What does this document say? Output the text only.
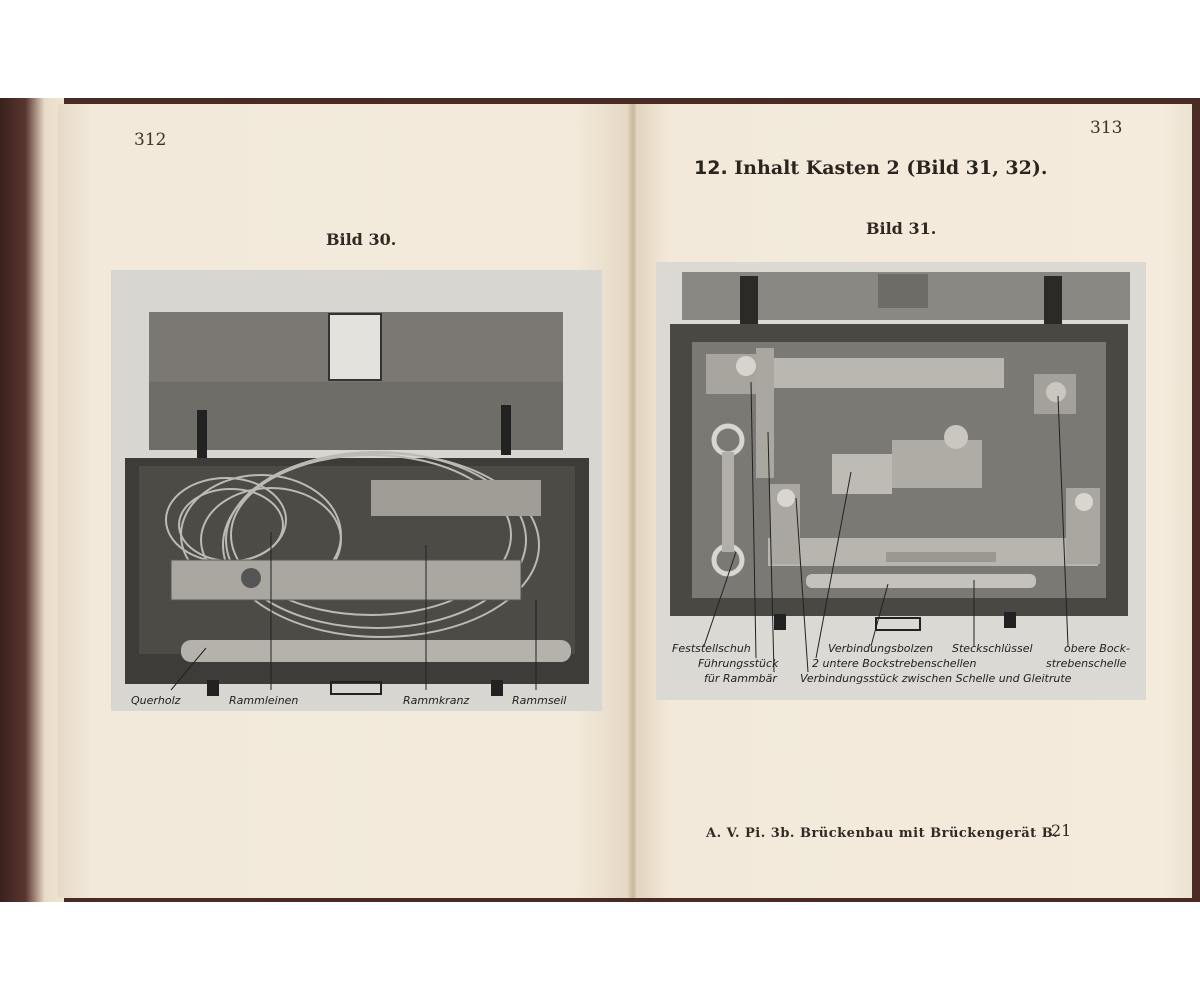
312
Bild 30.
Querholz	Rammleinen	Rammkranz	Rammseil
313
12. Inhalt Kasten 2 (Bild 31, 32).
Bild 31.
Feststellschuh
Führungsstück
für Rammbär
Verbindungsbolzen
2 untere Bockstrebenschellen
Verbindungsstück zwischen Schelle und Gleitrute
Steckschlüssel	obere Bock-
strebenschelle
A. V. Pi. 3b. Brückenbau mit Brückengerät B.
21
